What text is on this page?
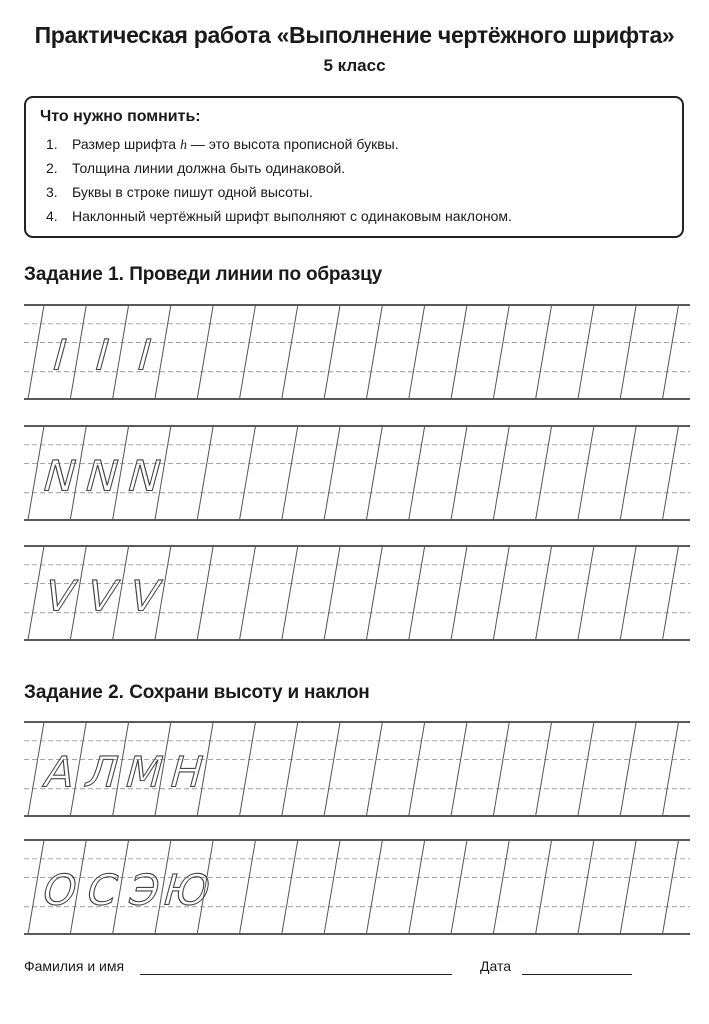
Практическая работа «Выполнение чертёжного шрифта»
5 класс
Что нужно помнить:
1. Размер шрифта h — это высота прописной буквы.
2. Толщина линии должна быть одинаковой.
3. Буквы в строке пишут одной высоты.
4. Наклонный чертёжный шрифт выполняют с одинаковым наклоном.
Задание 1. Проведи линии по образцу
Задание 2. Сохрани высоту и наклон
I I I
N
N
N
V V V
А
Л
М
Н
О
С Э
Ю
Фамилия и имя	Дата
